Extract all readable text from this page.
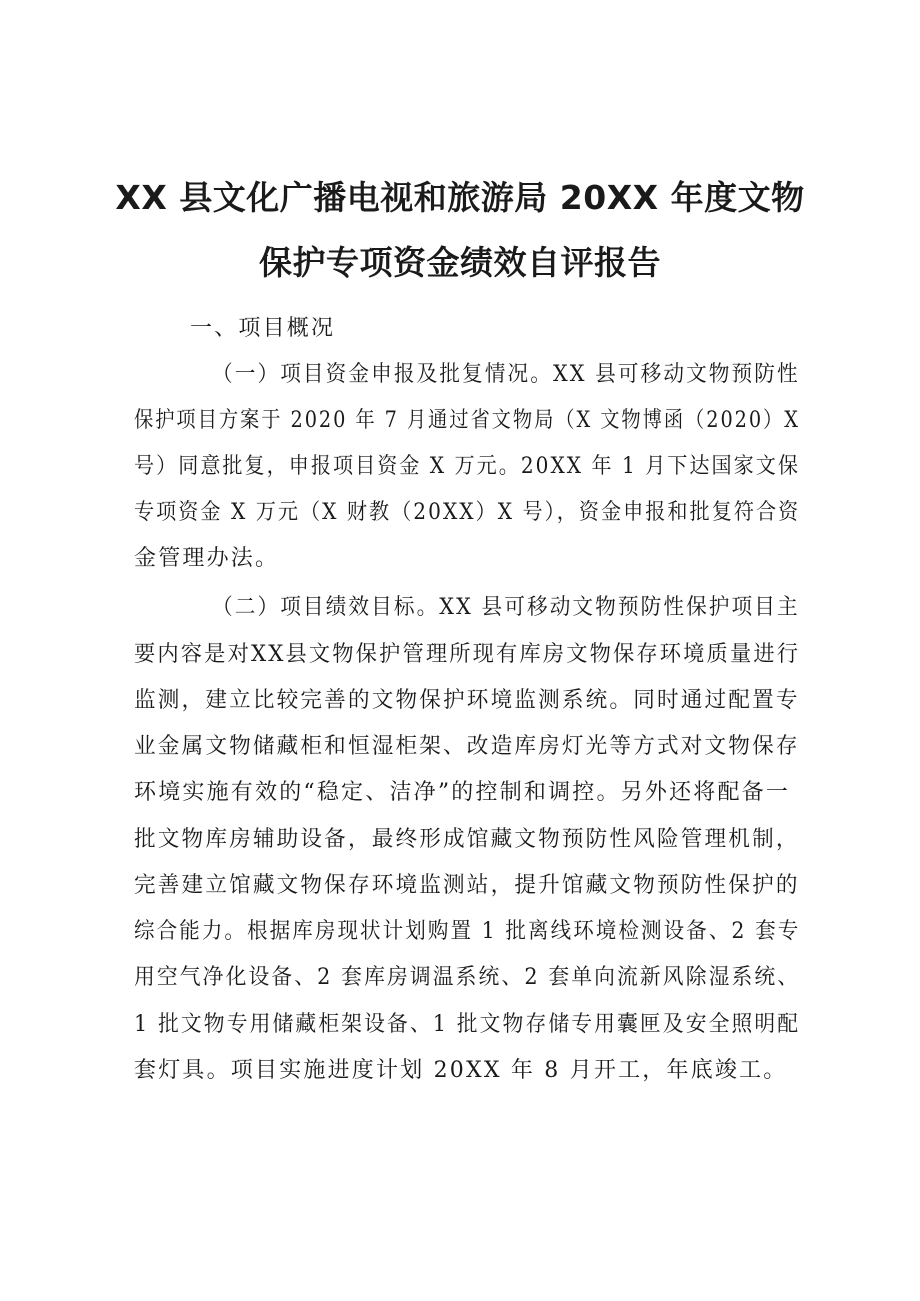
XX 县文化广播电视和旅游局 20XX 年度文物
保护专项资金绩效自评报告
一、项目概况
（一）项目资金申报及批复情况。XX 县可移动文物预防性
保护项目方案于 2020 年 7 月通过省文物局（X 文物博函（2020）X
号）同意批复，申报项目资金 X 万元。20XX 年 1 月下达国家文保
专项资金 X 万元（X 财教（20XX）X 号），资金申报和批复符合资
金管理办法。
（二）项目绩效目标。XX 县可移动文物预防性保护项目主
要内容是对XX县文物保护管理所现有库房文物保存环境质量进行
监测，建立比较完善的文物保护环境监测系统。同时通过配置专
业金属文物储藏柜和恒湿柜架、改造库房灯光等方式对文物保存
环境实施有效的“稳定、洁净”的控制和调控。另外还将配备一
批文物库房辅助设备，最终形成馆藏文物预防性风险管理机制，
完善建立馆藏文物保存环境监测站，提升馆藏文物预防性保护的
综合能力。根据库房现状计划购置 1 批离线环境检测设备、2 套专
用空气净化设备、2 套库房调温系统、2 套单向流新风除湿系统、
1 批文物专用储藏柜架设备、1 批文物存储专用囊匣及安全照明配
套灯具。项目实施进度计划 20XX 年 8 月开工，年底竣工。
